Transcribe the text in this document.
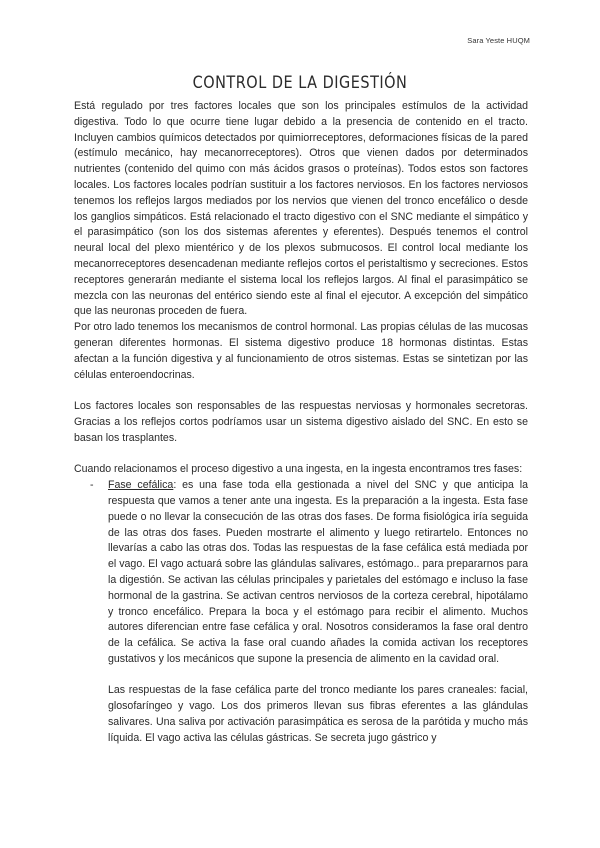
Sara Yeste HUQM
CONTROL DE LA DIGESTIÓN

Está regulado por tres factores locales que son los principales estímulos de la actividad digestiva. Todo lo que ocurre tiene lugar debido a la presencia de contenido en el tracto. Incluyen cambios químicos detectados por quimiorreceptores, deformaciones físicas de la pared (estímulo mecánico, hay mecanorreceptores). Otros que vienen dados por determinados nutrientes (contenido del quimo con más ácidos grasos o proteínas). Todos estos son factores locales. Los factores locales podrían sustituir a los factores nerviosos. En los factores nerviosos tenemos los reflejos largos mediados por los nervios que vienen del tronco encefálico o desde los ganglios simpáticos. Está relacionado el tracto digestivo con el SNC mediante el simpático y el parasimpático (son los dos sistemas aferentes y eferentes). Después tenemos el control neural local del plexo mientérico y de los plexos submucosos. El control local mediante los mecanorreceptores desencadenan mediante reflejos cortos el peristaltismo y secreciones. Estos receptores generarán mediante el sistema local los reflejos largos. Al final el parasimpático se mezcla con las neuronas del entérico siendo este al final el ejecutor. A excepción del simpático que las neuronas proceden de fuera.

Por otro lado tenemos los mecanismos de control hormonal. Las propias células de las mucosas generan diferentes hormonas. El sistema digestivo produce 18 hormonas distintas. Estas afectan a la función digestiva y al funcionamiento de otros sistemas. Estas se sintetizan por las células enteroendocrinas.

Los factores locales son responsables de las respuestas nerviosas y hormonales secretoras. Gracias a los reflejos cortos podríamos usar un sistema digestivo aislado del SNC. En esto se basan los trasplantes.

Cuando relacionamos el proceso digestivo a una ingesta, en la ingesta encontramos tres fases:

- Fase cefálica: es una fase toda ella gestionada a nivel del SNC y que anticipa la respuesta que vamos a tener ante una ingesta. Es la preparación a la ingesta. Esta fase puede o no llevar la consecución de las otras dos fases. De forma fisiológica iría seguida de las otras dos fases. Pueden mostrarte el alimento y luego retirartelo. Entonces no llevarías a cabo las otras dos. Todas las respuestas de la fase cefálica está mediada por el vago. El vago actuará sobre las glándulas salivares, estómago.. para prepararnos para la digestión. Se activan las células principales y parietales del estómago e incluso la fase hormonal de la gastrina. Se activan centros nerviosos de la corteza cerebral, hipotálamo y tronco encefálico. Prepara la boca y el estómago para recibir el alimento. Muchos autores diferencian entre fase cefálica y oral. Nosotros consideramos la fase oral dentro de la cefálica. Se activa la fase oral cuando añades la comida activan los receptores gustativos y los mecánicos que supone la presencia de alimento en la cavidad oral.

Las respuestas de la fase cefálica parte del tronco mediante los pares craneales: facial, glosofaríngeo y vago. Los dos primeros llevan sus fibras eferentes a las glándulas salivares. Una saliva por activación parasimpática es serosa de la parótida y mucho más líquida. El vago activa las células gástricas. Se secreta jugo gástrico y
